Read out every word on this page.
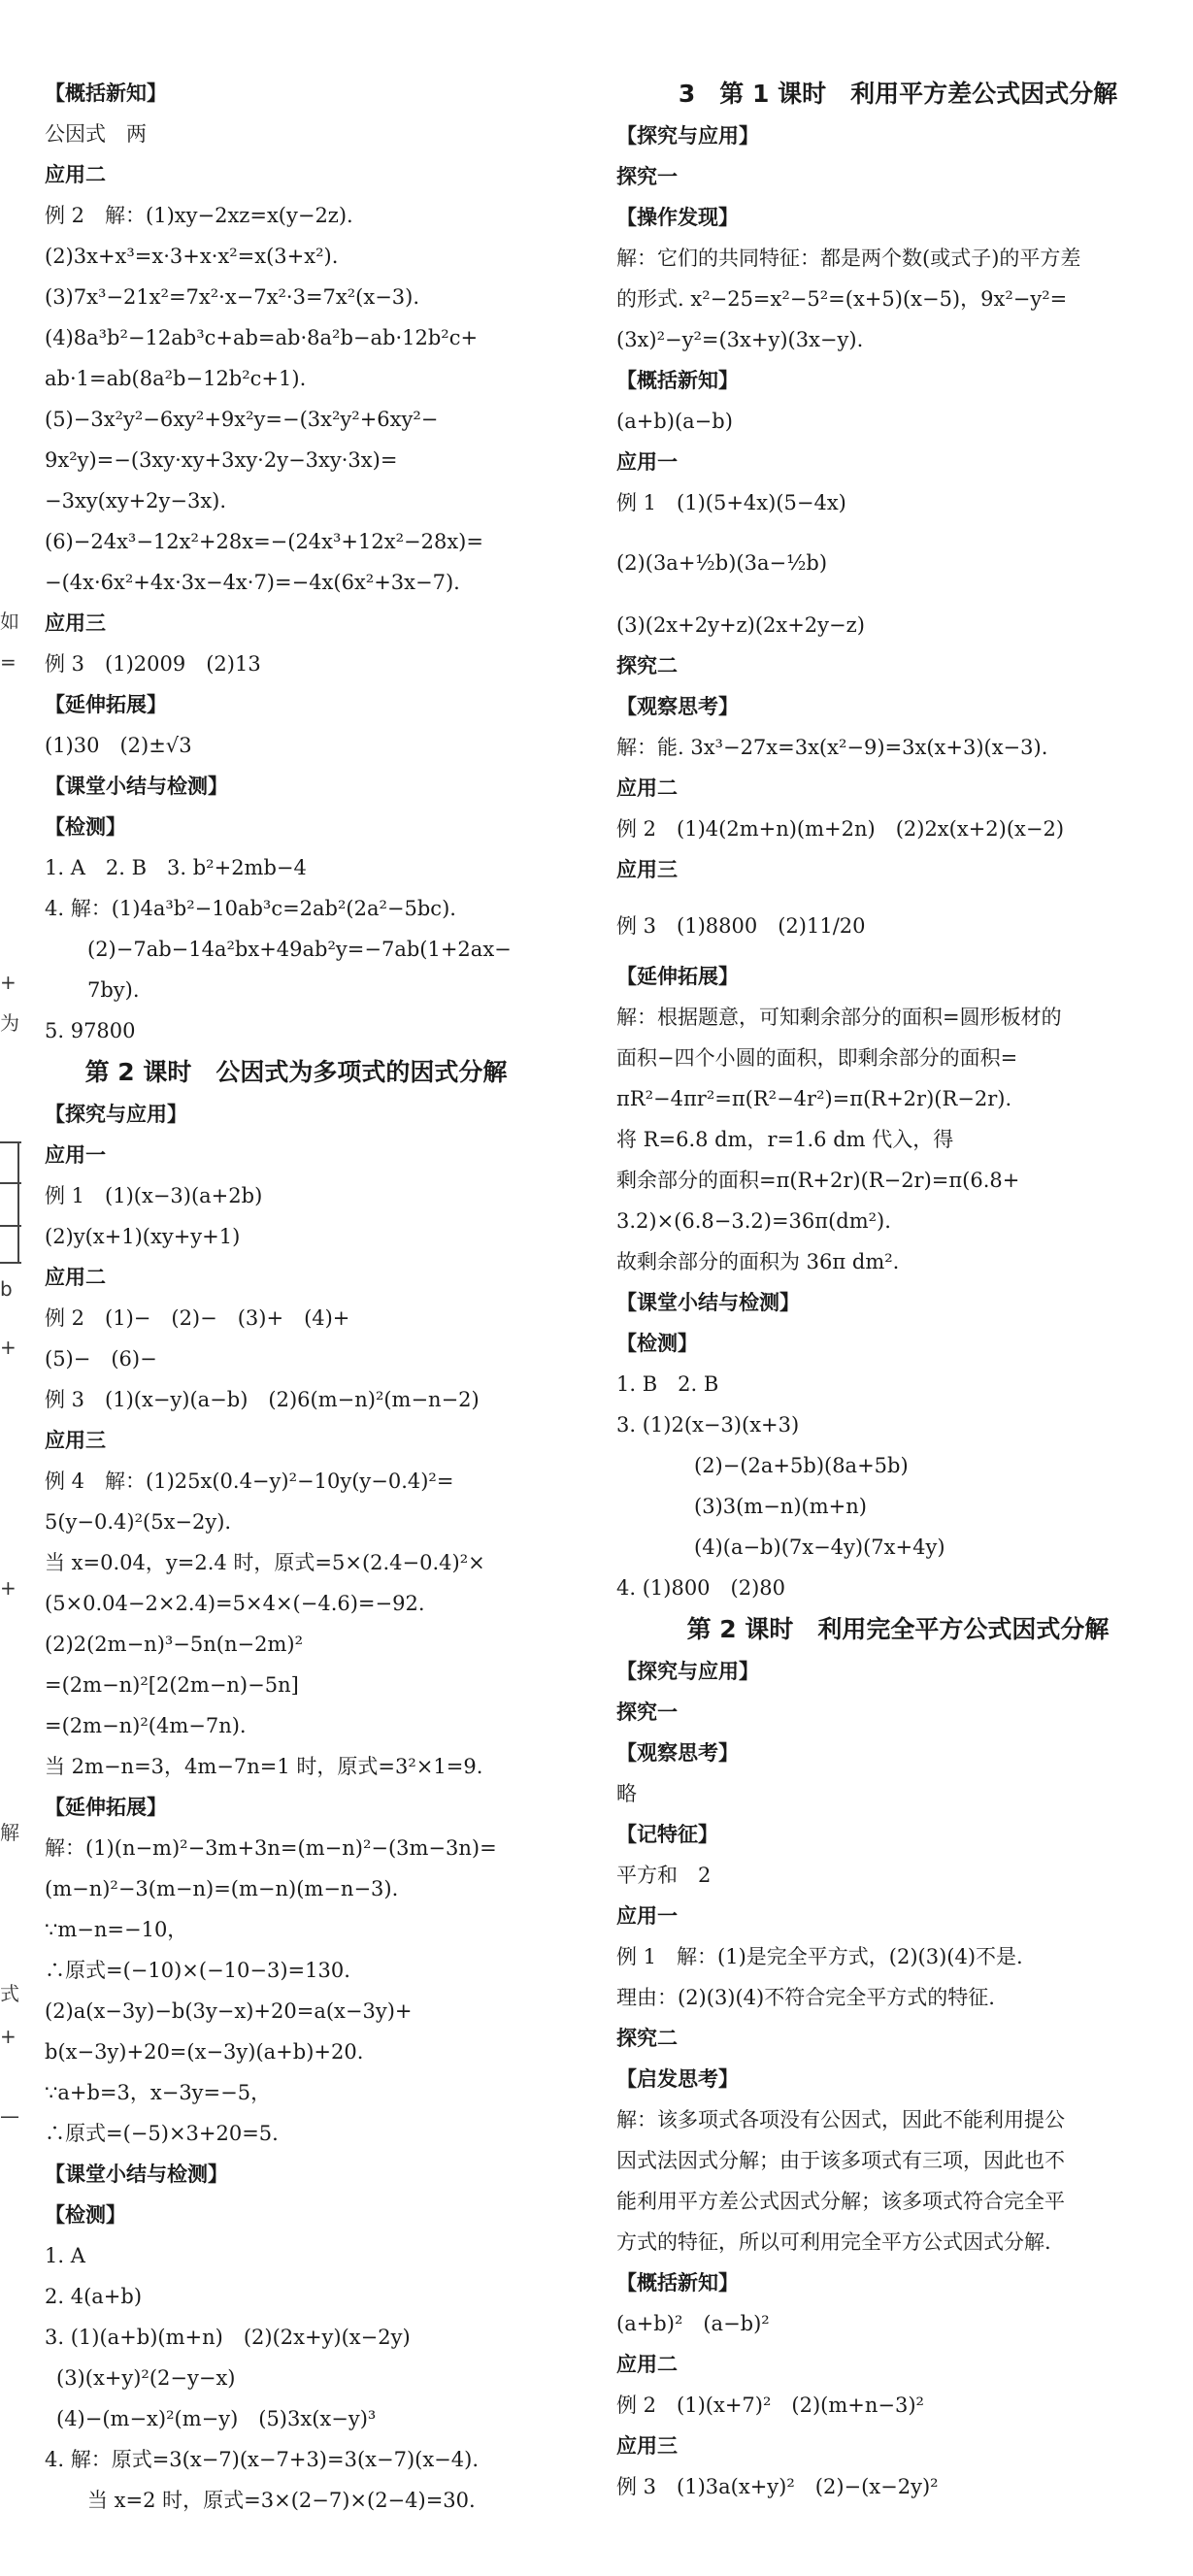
【概括新知】
公因式　两
应用二
例 2　解：(1)xy−2xz=x(y−2z).
(2)3x+x³=x·3+x·x²=x(3+x²).
(3)7x³−21x²=7x²·x−7x²·3=7x²(x−3).
(4)8a³b²−12ab³c+ab=ab·8a²b−ab·12b²c+
ab·1=ab(8a²b−12b²c+1).
(5)−3x²y²−6xy²+9x²y=−(3x²y²+6xy²−
9x²y)=−(3xy·xy+3xy·2y−3xy·3x)=
−3xy(xy+2y−3x).
(6)−24x³−12x²+28x=−(24x³+12x²−28x)=
−(4x·6x²+4x·3x−4x·7)=−4x(6x²+3x−7).
应用三
例 3　(1)2009　(2)13
【延伸拓展】
(1)30　(2)±√3
【课堂小结与检测】
【检测】
1. A　2. B　3. b²+2mb−4
4. 解：(1)4a³b²−10ab³c=2ab²(2a²−5bc).
(2)−7ab−14a²bx+49ab²y=−7ab(1+2ax−
7by).
5. 97800
第 2 课时　公因式为多项式的因式分解
【探究与应用】
应用一
例 1　(1)(x−3)(a+2b)
(2)y(x+1)(xy+y+1)
应用二
例 2　(1)−　(2)−　(3)+　(4)+
(5)−　(6)−
例 3　(1)(x−y)(a−b)　(2)6(m−n)²(m−n−2)
应用三
例 4　解：(1)25x(0.4−y)²−10y(y−0.4)²=
5(y−0.4)²(5x−2y).
当 x=0.04，y=2.4 时，原式=5×(2.4−0.4)²×
(5×0.04−2×2.4)=5×4×(−4.6)=−92.
(2)2(2m−n)³−5n(n−2m)²
=(2m−n)²[2(2m−n)−5n]
=(2m−n)²(4m−7n).
当 2m−n=3，4m−7n=1 时，原式=3²×1=9.
【延伸拓展】
解：(1)(n−m)²−3m+3n=(m−n)²−(3m−3n)=
(m−n)²−3(m−n)=(m−n)(m−n−3).
∵m−n=−10，
∴原式=(−10)×(−10−3)=130.
(2)a(x−3y)−b(3y−x)+20=a(x−3y)+
b(x−3y)+20=(x−3y)(a+b)+20.
∵a+b=3，x−3y=−5，
∴原式=(−5)×3+20=5.
【课堂小结与检测】
【检测】
1. A
2. 4(a+b)
3. (1)(a+b)(m+n)　(2)(2x+y)(x−2y)
(3)(x+y)²(2−y−x)
(4)−(m−x)²(m−y)　(5)3x(x−y)³
4. 解：原式=3(x−7)(x−7+3)=3(x−7)(x−4).
当 x=2 时，原式=3×(2−7)×(2−4)=30.
3　第 1 课时　利用平方差公式因式分解
【探究与应用】
探究一
【操作发现】
解：它们的共同特征：都是两个数(或式子)的平方差
的形式. x²−25=x²−5²=(x+5)(x−5)，9x²−y²=
(3x)²−y²=(3x+y)(3x−y).
【概括新知】
(a+b)(a−b)
应用一
例 1　(1)(5+4x)(5−4x)
(2)(3a+½b)(3a−½b)
(3)(2x+2y+z)(2x+2y−z)
探究二
【观察思考】
解：能. 3x³−27x=3x(x²−9)=3x(x+3)(x−3).
应用二
例 2　(1)4(2m+n)(m+2n)　(2)2x(x+2)(x−2)
应用三
例 3　(1)8800　(2)11/20
【延伸拓展】
解：根据题意，可知剩余部分的面积=圆形板材的
面积−四个小圆的面积，即剩余部分的面积=
πR²−4πr²=π(R²−4r²)=π(R+2r)(R−2r).
将 R=6.8 dm，r=1.6 dm 代入，得
剩余部分的面积=π(R+2r)(R−2r)=π(6.8+
3.2)×(6.8−3.2)=36π(dm²).
故剩余部分的面积为 36π dm².
【课堂小结与检测】
【检测】
1. B　2. B
3. (1)2(x−3)(x+3)
(2)−(2a+5b)(8a+5b)
(3)3(m−n)(m+n)
(4)(a−b)(7x−4y)(7x+4y)
4. (1)800　(2)80
第 2 课时　利用完全平方公式因式分解
【探究与应用】
探究一
【观察思考】
略
【记特征】
平方和　2
应用一
例 1　解：(1)是完全平方式，(2)(3)(4)不是.
理由：(2)(3)(4)不符合完全平方式的特征.
探究二
【启发思考】
解：该多项式各项没有公因式，因此不能利用提公
因式法因式分解；由于该多项式有三项，因此也不
能利用平方差公式因式分解；该多项式符合完全平
方式的特征，所以可利用完全平方公式因式分解.
【概括新知】
(a+b)²　(a−b)²
应用二
例 2　(1)(x+7)²　(2)(m+n−3)²
应用三
例 3　(1)3a(x+y)²　(2)−(x−2y)²
如
=
+
为
b
+
+
解
式
+
—
